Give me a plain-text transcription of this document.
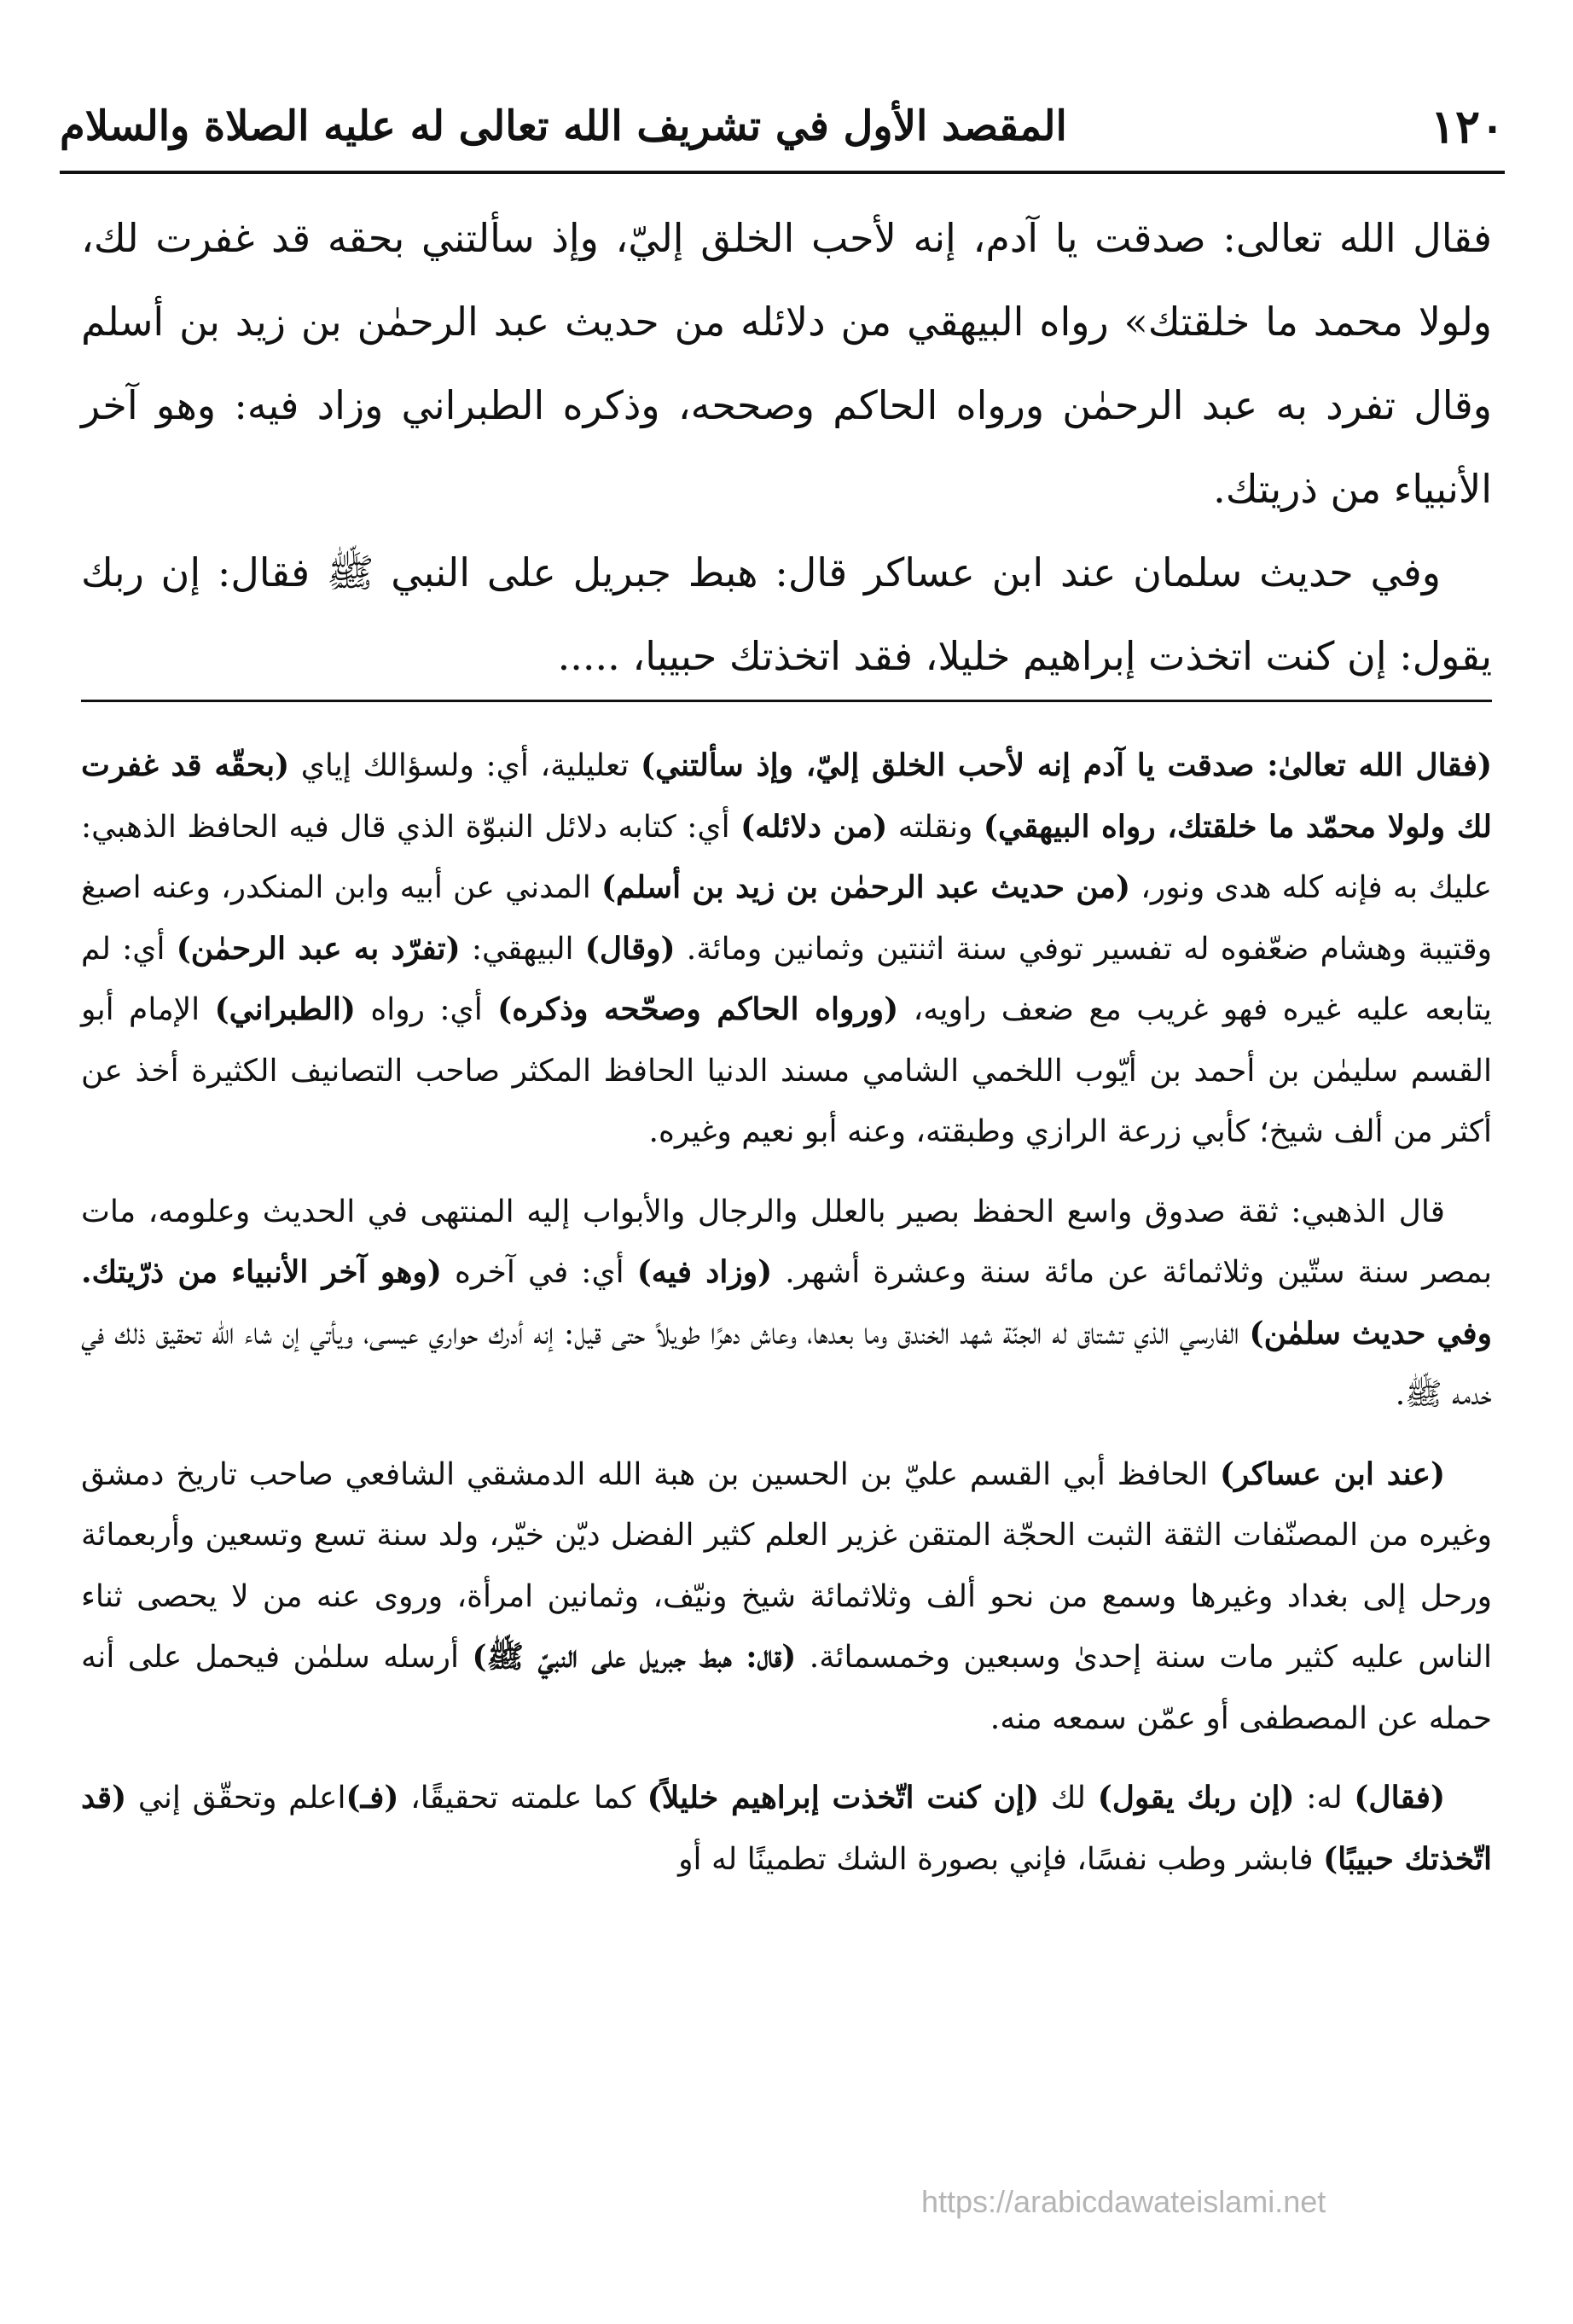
١٢٠
المقصد الأول في تشريف الله تعالى له عليه الصلاة والسلام

فقال الله تعالى: صدقت يا آدم، إنه لأحب الخلق إليّ، وإذ سألتني بحقه قد غفرت لك، ولولا محمد ما خلقتك» رواه البيهقي من دلائله من حديث عبد الرحمٰن بن زيد بن أسلم وقال تفرد به عبد الرحمٰن ورواه الحاكم وصححه، وذكره الطبراني وزاد فيه: وهو آخر الأنبياء من ذريتك.

وفي حديث سلمان عند ابن عساكر قال: هبط جبريل على النبي ﷺ فقال: إن ربك يقول: إن كنت اتخذت إبراهيم خليلا، فقد اتخذتك حبيبا، .....

(فقال الله تعالىٰ: صدقت يا آدم إنه لأحب الخلق إليّ، وإذ سألتني) تعليلية، أي: ولسؤالك إياي (بحقّه قد غفرت لك ولولا محمّد ما خلقتك، رواه البيهقي) ونقلته (من دلائله) أي: كتابه دلائل النبوّة الذي قال فيه الحافظ الذهبي: عليك به فإنه كله هدى ونور، (من حديث عبد الرحمٰن بن زيد بن أسلم) المدني عن أبيه وابن المنكدر، وعنه اصبغ وقتيبة وهشام ضعّفوه له تفسير توفي سنة اثنتين وثمانين ومائة. (وقال) البيهقي: (تفرّد به عبد الرحمٰن) أي: لم يتابعه عليه غيره فهو غريب مع ضعف راويه، (ورواه الحاكم وصحّحه وذكره) أي: رواه (الطبراني) الإمام أبو القسم سليمٰن بن أحمد بن أيّوب اللخمي الشامي مسند الدنيا الحافظ المكثر صاحب التصانيف الكثيرة أخذ عن أكثر من ألف شيخ؛ كأبي زرعة الرازي وطبقته، وعنه أبو نعيم وغيره.

قال الذهبي: ثقة صدوق واسع الحفظ بصير بالعلل والرجال والأبواب إليه المنتهى في الحديث وعلومه، مات بمصر سنة ستّين وثلاثمائة عن مائة سنة وعشرة أشهر. (وزاد فيه) أي: في آخره (وهو آخر الأنبياء من ذرّيتك. وفي حديث سلمٰن) الفارسي الذي تشتاق له الجنّة شهد الخندق وما بعدها، وعاش دهرًا طويلاً حتى قيل: إنه أدرك حواري عيسى، ويأتي إن شاء الله تحقيق ذلك في خدمه ﷺ.

(عند ابن عساكر) الحافظ أبي القسم عليّ بن الحسين بن هبة الله الدمشقي الشافعي صاحب تاريخ دمشق وغيره من المصنّفات الثقة الثبت الحجّة المتقن غزير العلم كثير الفضل ديّن خيّر، ولد سنة تسع وتسعين وأربعمائة ورحل إلى بغداد وغيرها وسمع من نحو ألف وثلاثمائة شيخ ونيّف، وثمانين امرأة، وروى عنه من لا يحصى ثناء الناس عليه كثير مات سنة إحدىٰ وسبعين وخمسمائة. (قال: هبط جبريل على النبيّ ﷺ) أرسله سلمٰن فيحمل على أنه حمله عن المصطفى أو عمّن سمعه منه.

(فقال) له: (إن ربك يقول) لك (إن كنت اتّخذت إبراهيم خليلاً) كما علمته تحقيقًا، (فـ)اعلم وتحقّق إني (قد اتّخذتك حبيبًا) فابشر وطب نفسًا، فإني بصورة الشك تطمينًا له أو

https://arabicdawateislami.net
